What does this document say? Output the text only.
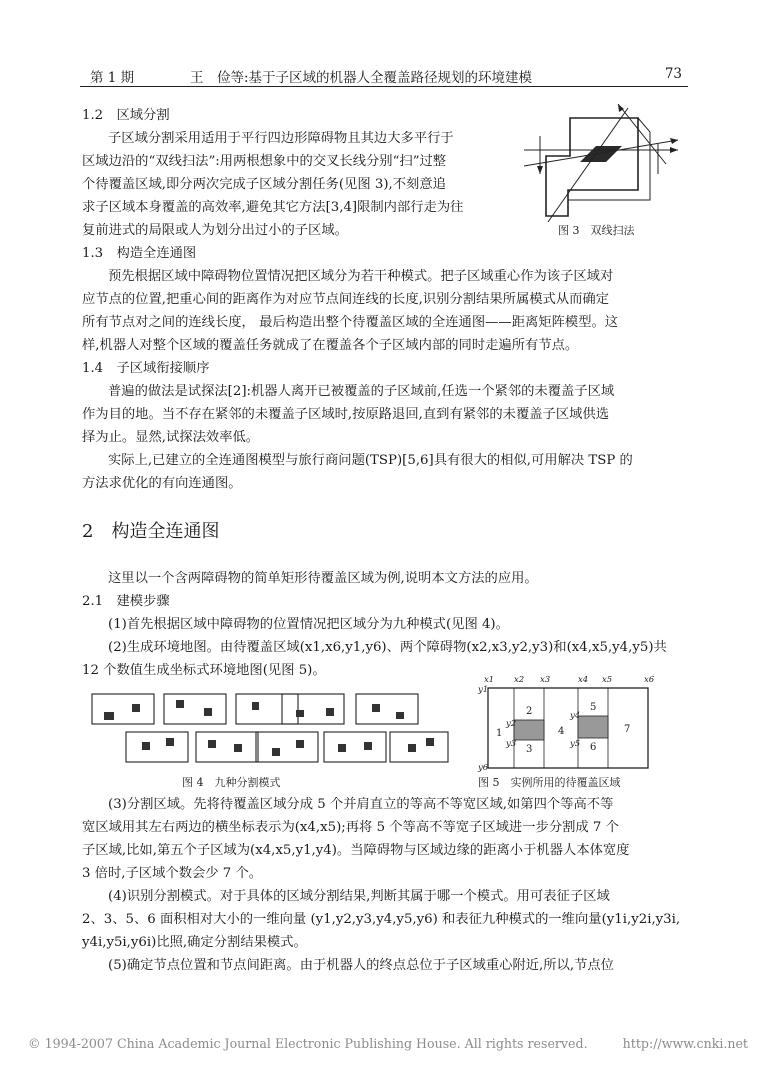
第 1 期	王　俭等:基于子区域的机器人全覆盖路径规划的环境建模	73
1.2　区域分割
子区域分割采用适用于平行四边形障碍物且其边大多平行于
区域边沿的“双线扫法”:用两根想象中的交叉长线分别“扫”过整
个待覆盖区域,即分两次完成子区域分割任务(见图 3),不刻意追
求子区域本身覆盖的高效率,避免其它方法[3,4]限制内部行走为往
复前进式的局限或人为划分出过小的子区域。	图 3　双线扫法
1.3　构造全连通图
预先根据区域中障碍物位置情况把区域分为若干种模式。把子区域重心作为该子区域对
应节点的位置,把重心间的距离作为对应节点间连线的长度,识别分割结果所属模式从而确定
所有节点对之间的连线长度， 最后构造出整个待覆盖区域的全连通图——距离矩阵模型。这
样,机器人对整个区域的覆盖任务就成了在覆盖各个子区域内部的同时走遍所有节点。
1.4　子区域衔接顺序
普遍的做法是试探法[2]:机器人离开已被覆盖的子区域前,任选一个紧邻的未覆盖子区域
作为目的地。当不存在紧邻的未覆盖子区域时,按原路退回,直到有紧邻的未覆盖子区域供选
择为止。显然,试探法效率低。
实际上,已建立的全连通图模型与旅行商问题(TSP)[5,6]具有很大的相似,可用解决 TSP 的
方法求优化的有向连通图。
2　构造全连通图
这里以一个含两障碍物的简单矩形待覆盖区域为例,说明本文方法的应用。
2.1　建模步骤
(1)首先根据区域中障碍物的位置情况把区域分为九种模式(见图 4)。
(2)生成环境地图。由待覆盖区域(x1,x6,y1,y6)、两个障碍物(x2,x3,y2,y3)和(x4,x5,y4,y5)共
12 个数值生成坐标式环境地图(见图 5)。
图 4　九种分割模式
x1 x2 x3	x4 x5	x6
y1
y2
y3
y4
y5
y6
1
2
3
4
5
6
7
图 5　实例所用的待覆盖区域
(3)分割区域。先将待覆盖区域分成 5 个并肩直立的等高不等宽区域,如第四个等高不等
宽区域用其左右两边的横坐标表示为(x4,x5);再将 5 个等高不等宽子区域进一步分割成 7 个
子区域,比如,第五个子区域为(x4,x5,y1,y4)。当障碍物与区域边缘的距离小于机器人本体宽度
3 倍时,子区域个数会少 7 个。
(4)识别分割模式。对于具体的区域分割结果,判断其属于哪一个模式。用可表征子区域
2、3、5、6 面积相对大小的一维向量 (y1,y2,y3,y4,y5,y6) 和表征九种模式的一维向量(y1i,y2i,y3i,
y4i,y5i,y6i)比照,确定分割结果模式。
(5)确定节点位置和节点间距离。由于机器人的终点总位于子区域重心附近,所以,节点位
© 1994-2007 China Academic Journal Electronic Publishing House. All rights reserved.	http://www.cnki.net
